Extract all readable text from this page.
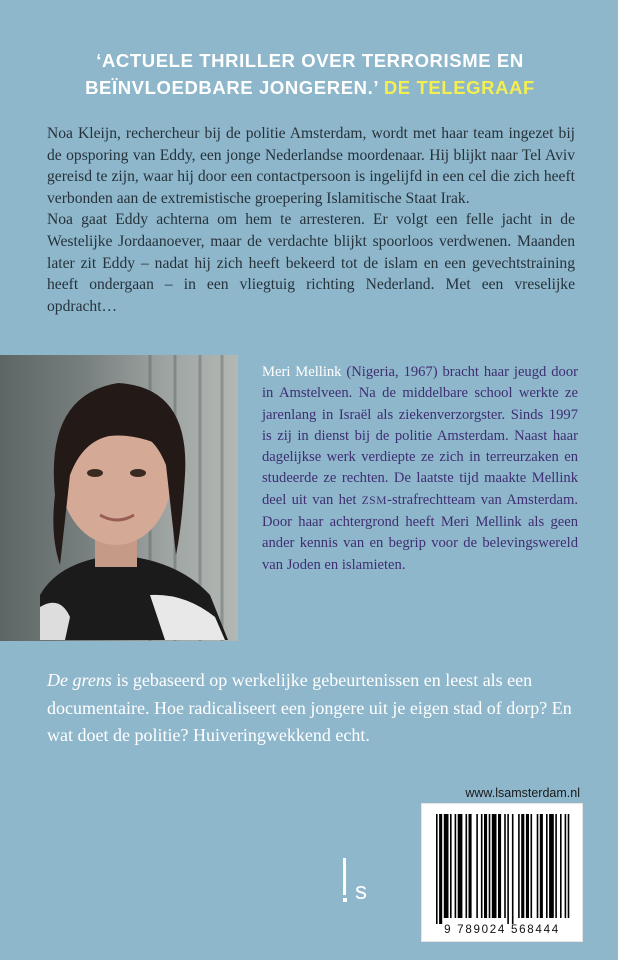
‘ACTUELE THRILLER OVER TERRORISME EN
BEÏNVLOEDBARE JONGEREN.’ DE TELEGRAAF

Noa Kleijn, rechercheur bij de politie Amsterdam, wordt met haar team ingezet bij de opsporing van Eddy, een jonge Nederlandse moordenaar. Hij blijkt naar Tel Aviv gereisd te zijn, waar hij door een contactpersoon is ingelijfd in een cel die zich heeft verbonden aan de extremistische groepering Islamitische Staat Irak.

Noa gaat Eddy achterna om hem te arresteren. Er volgt een felle jacht in de Westelijke Jordaanoever, maar de verdachte blijkt spoorloos verdwenen. Maanden later zit Eddy – nadat hij zich heeft bekeerd tot de islam en een gevechtstraining heeft ondergaan – in een vliegtuig richting Nederland. Met een vreselijke opdracht…

Meri Mellink (Nigeria, 1967) bracht haar jeugd door in Amstelveen. Na de middelbare school werkte ze jarenlang in Israël als ziekenverzorgster. Sinds 1997 is zij in dienst bij de politie Amsterdam. Naast haar dagelijkse werk verdiepte ze zich in terreurzaken en studeerde ze rechten. De laatste tijd maakte Mellink deel uit van het ZSM-strafrechtteam van Amsterdam. Door haar achtergrond heeft Meri Mellink als geen ander kennis van en begrip voor de belevingswereld van Joden en islamieten.
De grens is gebaseerd op werkelijke gebeurtenissen en leest als een documentaire. Hoe radicaliseert een jongere uit je eigen stad of dorp? En wat doet de politie? Huiveringwekkend echt.
www.lsamsterdam.nl
s
9 789024 568444
